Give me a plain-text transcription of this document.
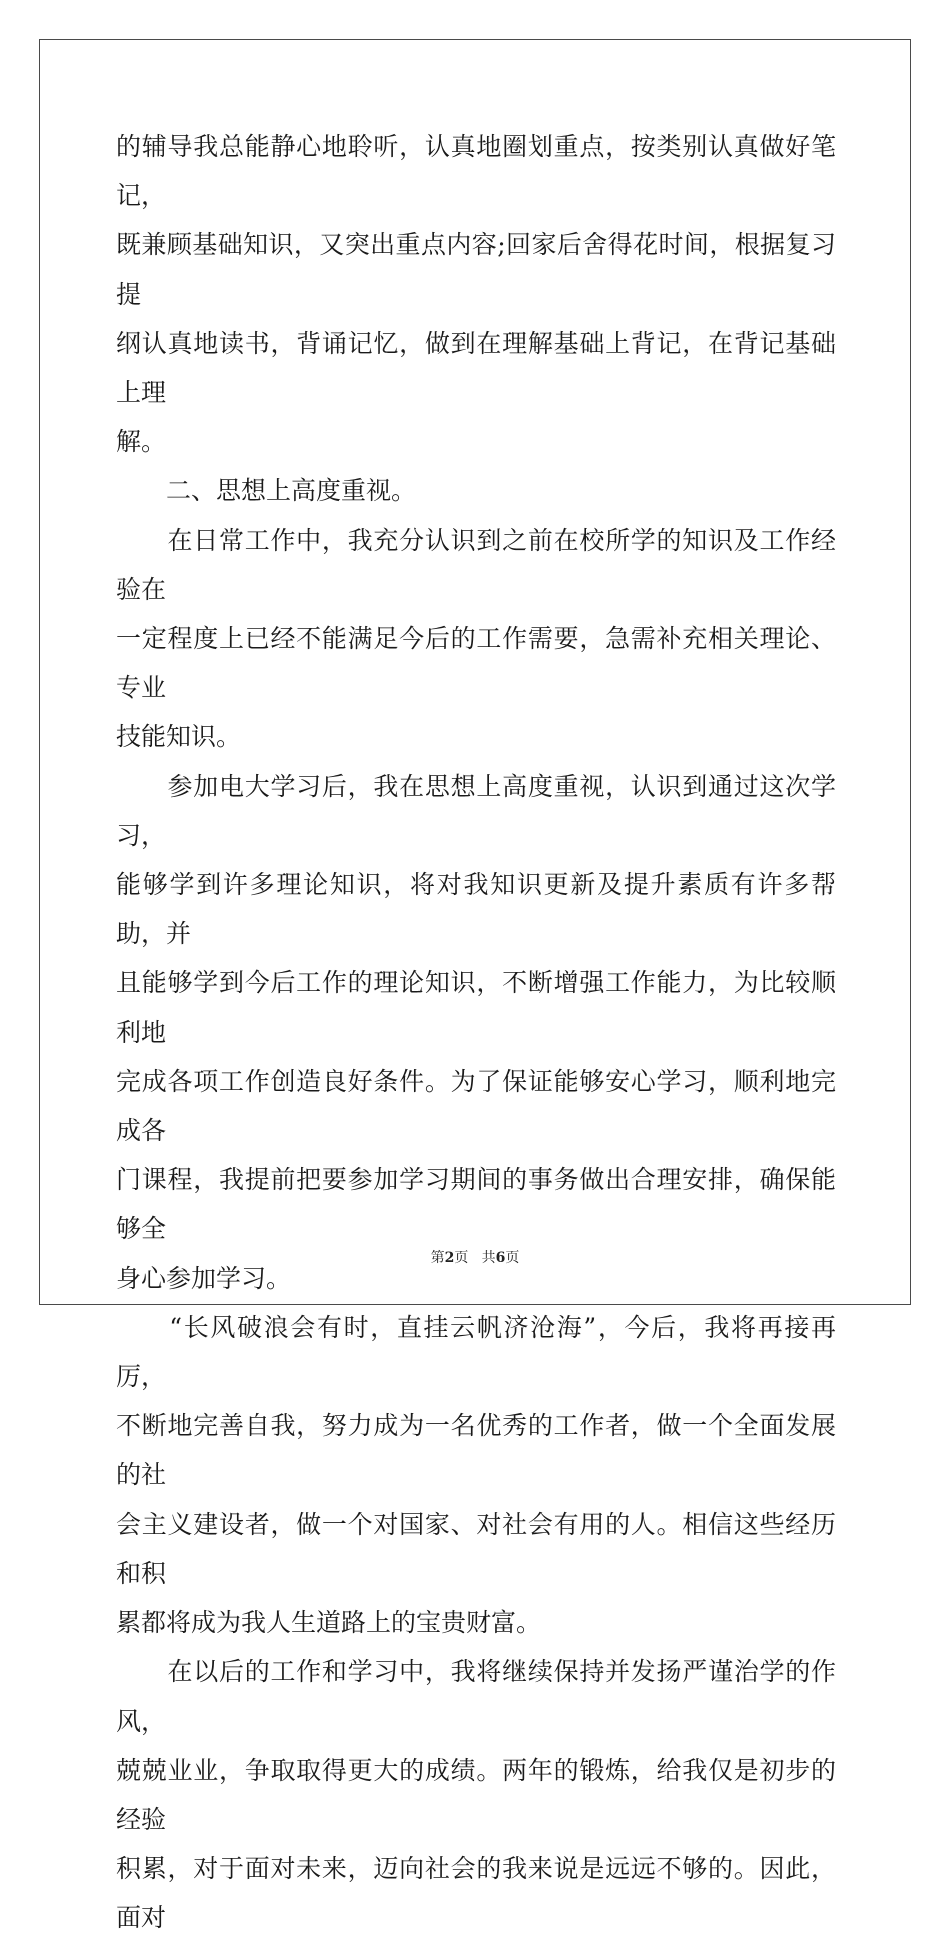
的辅导我总能静心地聆听，认真地圈划重点，按类别认真做好笔记，
既兼顾基础知识，又突出重点内容;回家后舍得花时间，根据复习提
纲认真地读书，背诵记忆，做到在理解基础上背记，在背记基础上理
解。

　　二、思想上高度重视。

　　在日常工作中，我充分认识到之前在校所学的知识及工作经验在
一定程度上已经不能满足今后的工作需要，急需补充相关理论、专业
技能知识。

　　参加电大学习后，我在思想上高度重视，认识到通过这次学习，
能够学到许多理论知识，将对我知识更新及提升素质有许多帮助，并
且能够学到今后工作的理论知识，不断增强工作能力，为比较顺利地
完成各项工作创造良好条件。为了保证能够安心学习，顺利地完成各
门课程，我提前把要参加学习期间的事务做出合理安排，确保能够全
身心参加学习。

　　“长风破浪会有时，直挂云帆济沧海”，今后，我将再接再厉，
不断地完善自我，努力成为一名优秀的工作者，做一个全面发展的社
会主义建设者，做一个对国家、对社会有用的人。相信这些经历和积
累都将成为我人生道路上的宝贵财富。

　　在以后的工作和学习中，我将继续保持并发扬严谨治学的作风，
兢兢业业，争取取得更大的成绩。两年的锻炼，给我仅是初步的经验
积累，对于面对未来，迈向社会的我来说是远远不够的。因此，面对

第2页 共6页
